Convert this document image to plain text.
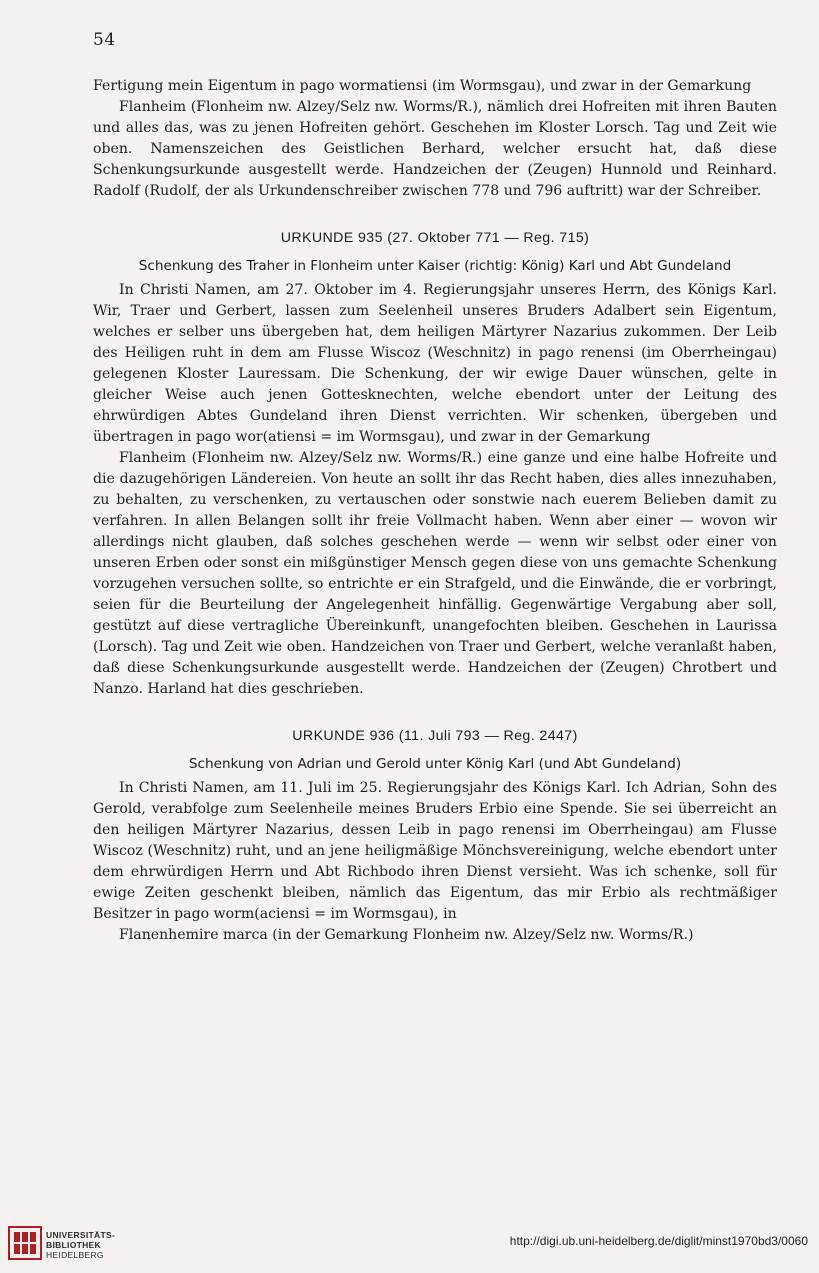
54

Fertigung mein Eigentum in pago wormatiensi (im Wormsgau), und zwar in der Gemarkung

Flanheim (Flonheim nw. Alzey/Selz nw. Worms/R.), nämlich drei Hofreiten mit ihren Bauten und alles das, was zu jenen Hofreiten gehört. Geschehen im Kloster Lorsch. Tag und Zeit wie oben. Namenszeichen des Geistlichen Berhard, welcher ersucht hat, daß diese Schenkungsurkunde ausgestellt werde. Handzeichen der (Zeugen) Hunnold und Reinhard. Radolf (Rudolf, der als Urkundenschreiber zwischen 778 und 796 auftritt) war der Schreiber.

URKUNDE 935 (27. Oktober 771 — Reg. 715)
Schenkung des Traher in Flonheim unter Kaiser (richtig: König) Karl und Abt Gundeland

In Christi Namen, am 27. Oktober im 4. Regierungsjahr unseres Herrn, des Königs Karl. Wir, Traer und Gerbert, lassen zum Seelenheil unseres Bruders Adalbert sein Eigentum, welches er selber uns übergeben hat, dem heiligen Märtyrer Nazarius zukommen. Der Leib des Heiligen ruht in dem am Flusse Wiscoz (Weschnitz) in pago renensi (im Oberrheingau) gelegenen Kloster Lauressam. Die Schenkung, der wir ewige Dauer wünschen, gelte in gleicher Weise auch jenen Gottesknechten, welche ebendort unter der Leitung des ehrwürdigen Abtes Gundeland ihren Dienst verrichten. Wir schenken, übergeben und übertragen in pago wor(atiensi = im Wormsgau), und zwar in der Gemarkung

Flanheim (Flonheim nw. Alzey/Selz nw. Worms/R.) eine ganze und eine halbe Hofreite und die dazugehörigen Ländereien. Von heute an sollt ihr das Recht haben, dies alles innezuhaben, zu behalten, zu verschenken, zu vertauschen oder sonstwie nach euerem Belieben damit zu verfahren. In allen Belangen sollt ihr freie Vollmacht haben. Wenn aber einer — wovon wir allerdings nicht glauben, daß solches geschehen werde — wenn wir selbst oder einer von unseren Erben oder sonst ein mißgünstiger Mensch gegen diese von uns gemachte Schenkung vorzugehen versuchen sollte, so entrichte er ein Strafgeld, und die Einwände, die er vorbringt, seien für die Beurteilung der Angelegenheit hinfällig. Gegenwärtige Vergabung aber soll, gestützt auf diese vertragliche Übereinkunft, unangefochten bleiben. Geschehen in Laurissa (Lorsch). Tag und Zeit wie oben. Handzeichen von Traer und Gerbert, welche veranlaßt haben, daß diese Schenkungsurkunde ausgestellt werde. Handzeichen der (Zeugen) Chrotbert und Nanzo. Harland hat dies geschrieben.

URKUNDE 936 (11. Juli 793 — Reg. 2447)
Schenkung von Adrian und Gerold unter König Karl (und Abt Gundeland)

In Christi Namen, am 11. Juli im 25. Regierungsjahr des Königs Karl. Ich Adrian, Sohn des Gerold, verabfolge zum Seelenheile meines Bruders Erbio eine Spende. Sie sei überreicht an den heiligen Märtyrer Nazarius, dessen Leib in pago renensi im Oberrheingau) am Flusse Wiscoz (Weschnitz) ruht, und an jene heiligmäßige Mönchsvereinigung, welche ebendort unter dem ehrwürdigen Herrn und Abt Richbodo ihren Dienst versieht. Was ich schenke, soll für ewige Zeiten geschenkt bleiben, nämlich das Eigentum, das mir Erbio als rechtmäßiger Besitzer in pago worm(aciensi = im Wormsgau), in

Flanenhemire marca (in der Gemarkung Flonheim nw. Alzey/Selz nw. Worms/R.)

UNIVERSITÄTS-
BIBLIOTHEK
HEIDELBERG
http://digi.ub.uni-heidelberg.de/diglit/minst1970bd3/0060
